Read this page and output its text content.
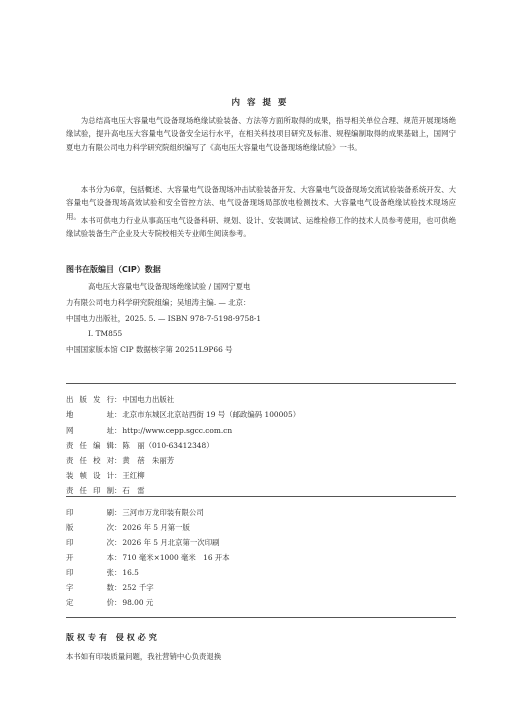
内 容 提 要

为总结高电压大容量电气设备现场绝缘试验装备、方法等方面所取得的成果，指导相关单位合理、规范开展现场绝缘试验，提升高电压大容量电气设备安全运行水平，在相关科技项目研究及标准、规程编制取得的成果基础上，国网宁夏电力有限公司电力科学研究院组织编写了《高电压大容量电气设备现场绝缘试验》一书。

本书分为6章，包括概述、大容量电气设备现场冲击试验装备开发、大容量电气设备现场交流试验装备系统开发、大容量电气设备现场高效试验和安全管控方法、电气设备现场局部放电检测技术、大容量电气设备绝缘试验技术现场应用。 本书可供电力行业从事高压电气设备科研、规划、设计、安装调试、运维检修工作的技术人员参考使用，也可供绝缘试验装备生产企业及大专院校相关专业师生阅读参考。

图书在版编目（CIP）数据
高电压大容量电气设备现场绝缘试验 / 国网宁夏电
力有限公司电力科学研究院组编；吴旭涛主编. — 北京：
中国电力出版社，2025. 5. — ISBN 978-7-5198-9758-1
Ⅰ. TM855
中国国家版本馆 CIP 数据核字第 20251L9P66 号
出版发行：中国电力出版社
地址：北京市东城区北京站西街 19 号（邮政编码 100005）
网址：http://www.cepp.sgcc.com.cn
责任编辑：陈　丽（010-63412348）
责任校对：黄　蓓　朱丽芳
装帧设计：王红柳
责任印制：石　雷
印刷：三河市万龙印装有限公司
版次：2026 年 5 月第一版
印次：2026 年 5 月北京第一次印刷
开本：710 毫米×1000 毫米　16 开本
印张：16.5
字数：252 千字
定价：98.00 元
版权专有 侵权必究
本书如有印装质量问题，我社营销中心负责退换
